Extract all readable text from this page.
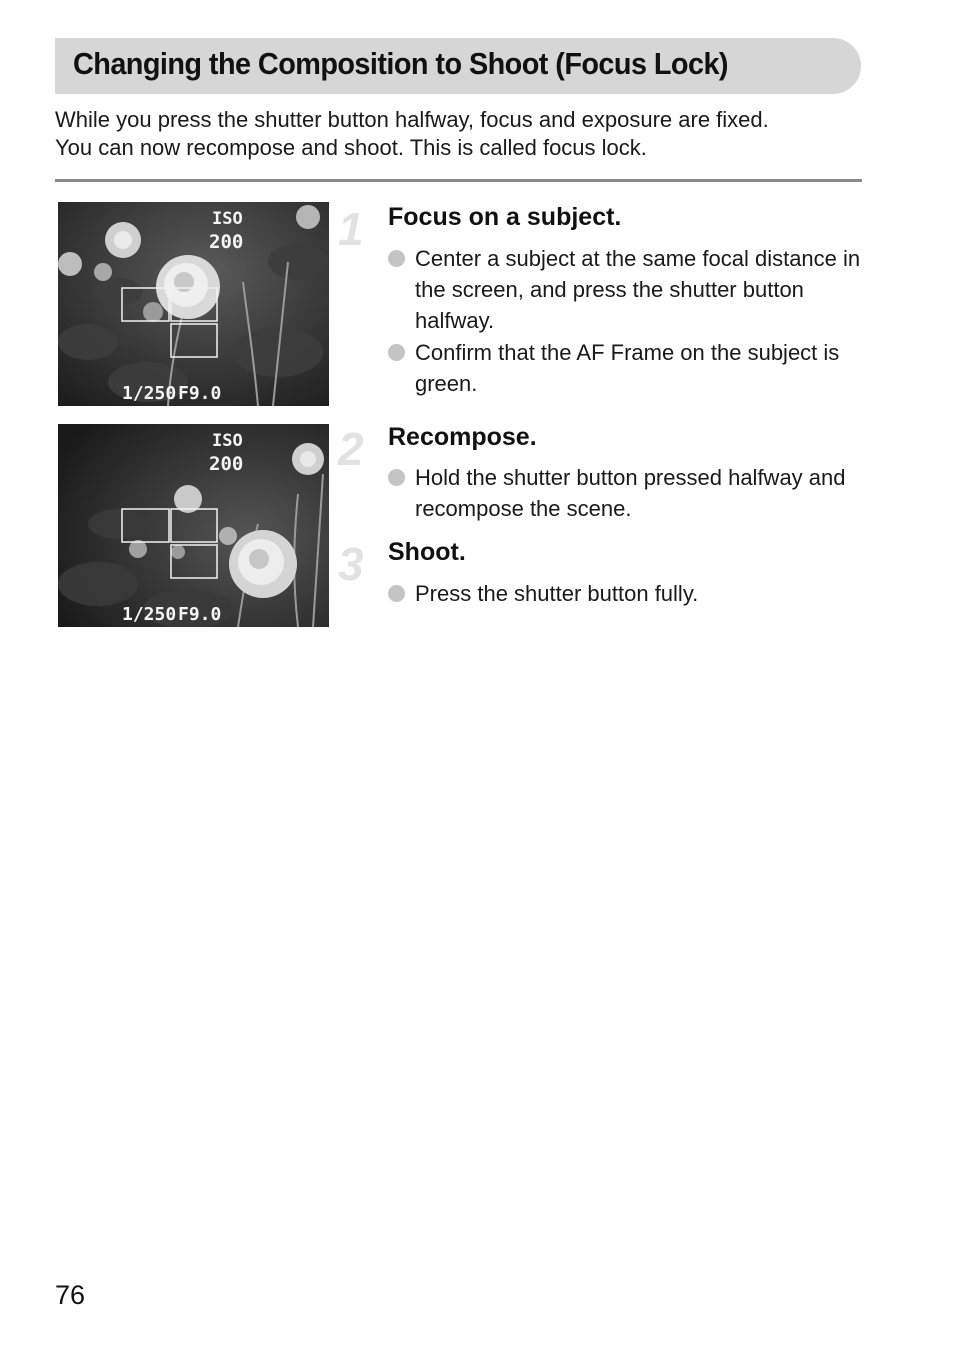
Changing the Composition to Shoot (Focus Lock)

While you press the shutter button halfway, focus and exposure are fixed.

You can now recompose and shoot. This is called focus lock.

ISO
200
1/250 F9.0
ISO
200
1/250 F9.0
1 Focus on a subject.
Center a subject at the same focal distance in the screen, and press the shutter button halfway.
Confirm that the AF Frame on the subject is green.
2 Recompose.
Hold the shutter button pressed halfway and recompose the scene.
3 Shoot.
Press the shutter button fully.
76
